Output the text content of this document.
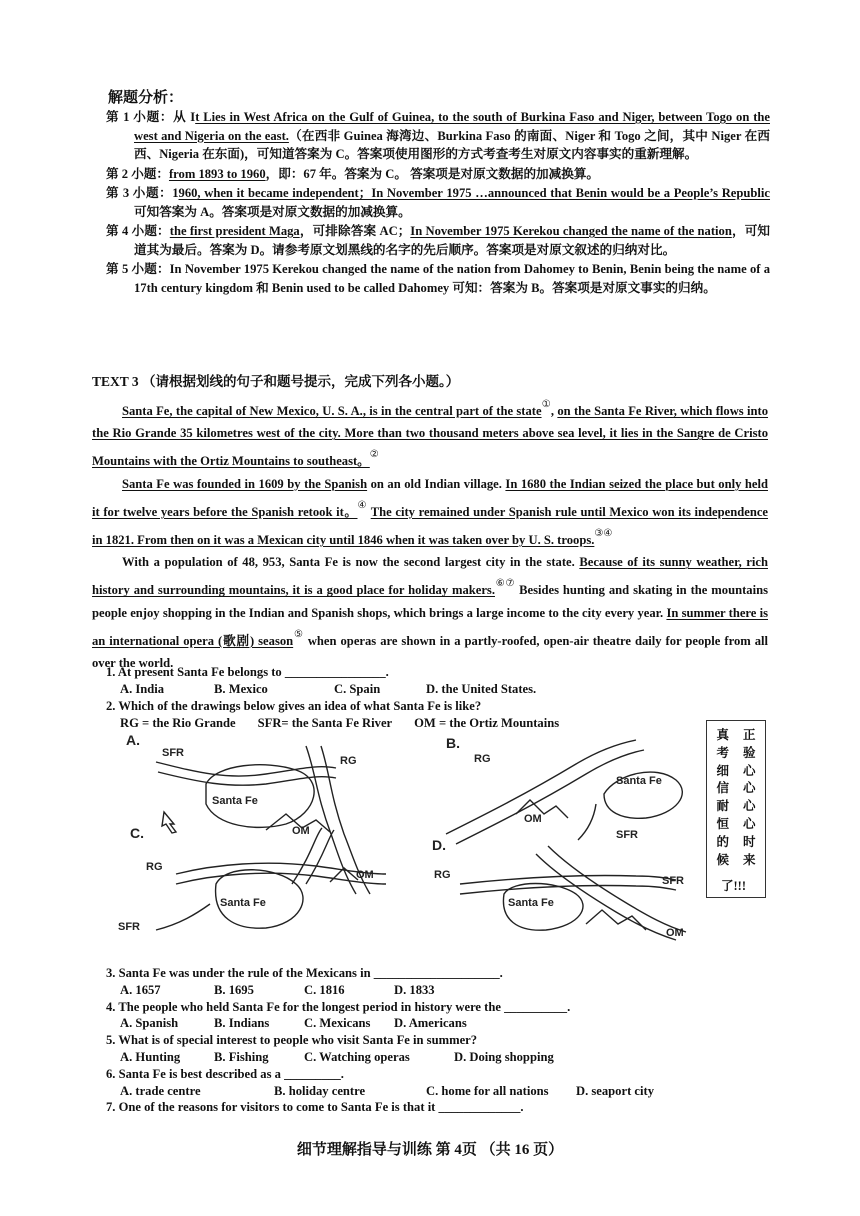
解题分析：

第 1 小题：从 It Lies in West Africa on the Gulf of Guinea, to the south of Burkina Faso and Niger, between Togo on the west and Nigeria on the east.（在西非 Guinea 海湾边、Burkina Faso 的南面、Niger 和 Togo 之间，其中 Niger 在西西、Nigeria 在东面)，可知道答案为 C。答案项使用图形的方式考查考生对原文内容事实的重新理解。

第 2 小题：from 1893 to 1960，即：67 年。答案为 C。 答案项是对原文数据的加减换算。

第 3 小题：1960, when it became independent；In November 1975 …announced that Benin would be a People’s Republic可知答案为 A。答案项是对原文数据的加减换算。

第 4 小题：the first president Maga，可排除答案 AC；In November 1975 Kerekou changed the name of the nation，可知道其为最后。答案为 D。请参考原文划黑线的名字的先后顺序。答案项是对原文叙述的归纳对比。

第 5 小题：In November 1975 Kerekou changed the name of the nation from Dahomey to Benin, Benin being the name of a 17th century kingdom 和 Benin used to be called Dahomey 可知：答案为 B。答案项是对原文事实的归纳。

TEXT 3 （请根据划线的句子和题号提示，完成下列各小题。）

Santa Fe, the capital of New Mexico, U. S. A., is in the central part of the state①, on the Santa Fe River, which flows into the Rio Grande 35 kilometres west of the city. More than two thousand meters above sea level, it lies in the Sangre de Cristo Mountains with the Ortiz Mountains to southeast。②

Santa Fe was founded in 1609 by the Spanish on an old Indian village. In 1680 the Indian seized the place but only held it for twelve years before the Spanish retook it。④ The city remained under Spanish rule until Mexico won its independence in 1821. From then on it was a Mexican city until 1846 when it was taken over by U. S. troops.③④

With a population of 48, 953, Santa Fe is now the second largest city in the state. Because of its sunny weather, rich history and surrounding mountains, it is a good place for holiday makers.⑥⑦ Besides hunting and skating in the mountains people enjoy shopping in the Indian and Spanish shops, which brings a large income to the city every year. In summer there is an international opera (歌剧) season⑤ when operas are shown in a partly-roofed, open-air theatre daily for people from all over the world.

1. At present Santa Fe belongs to ________________.

A. India	B. Mexico	C. Spain	D. the United States.

2. Which of the drawings below gives an idea of what Santa Fe is like?

RG = the Rio Grande SFR= the Santa Fe River OM = the Ortiz Mountains

A.
SFR
RG
Santa Fe
OM
B.
RG
Santa Fe
OM
SFR
C.
RG
OM
Santa Fe
SFR
D.
RG	SFR
Santa Fe
OM
真
考
细
信
耐
恒
的
候
正
验
心
心
心
心
时
来
了!!!

3. Santa Fe was under the rule of the Mexicans in ____________________.

A. 1657	B. 1695	C. 1816	D. 1833

4. The people who held Santa Fe for the longest period in history were the __________.

A. Spanish	B. Indians	C. Mexicans D. Americans

5. What is of special interest to people who visit Santa Fe in summer?

A. Hunting	B. Fishing	C. Watching operas	D. Doing shopping

6. Santa Fe is best described as a _________.

A. trade centre	B. holiday centre	C. home for all nations D. seaport city

7. One of the reasons for visitors to come to Santa Fe is that it _____________.

细节理解指导与训练 第 4页 （共 16 页）
